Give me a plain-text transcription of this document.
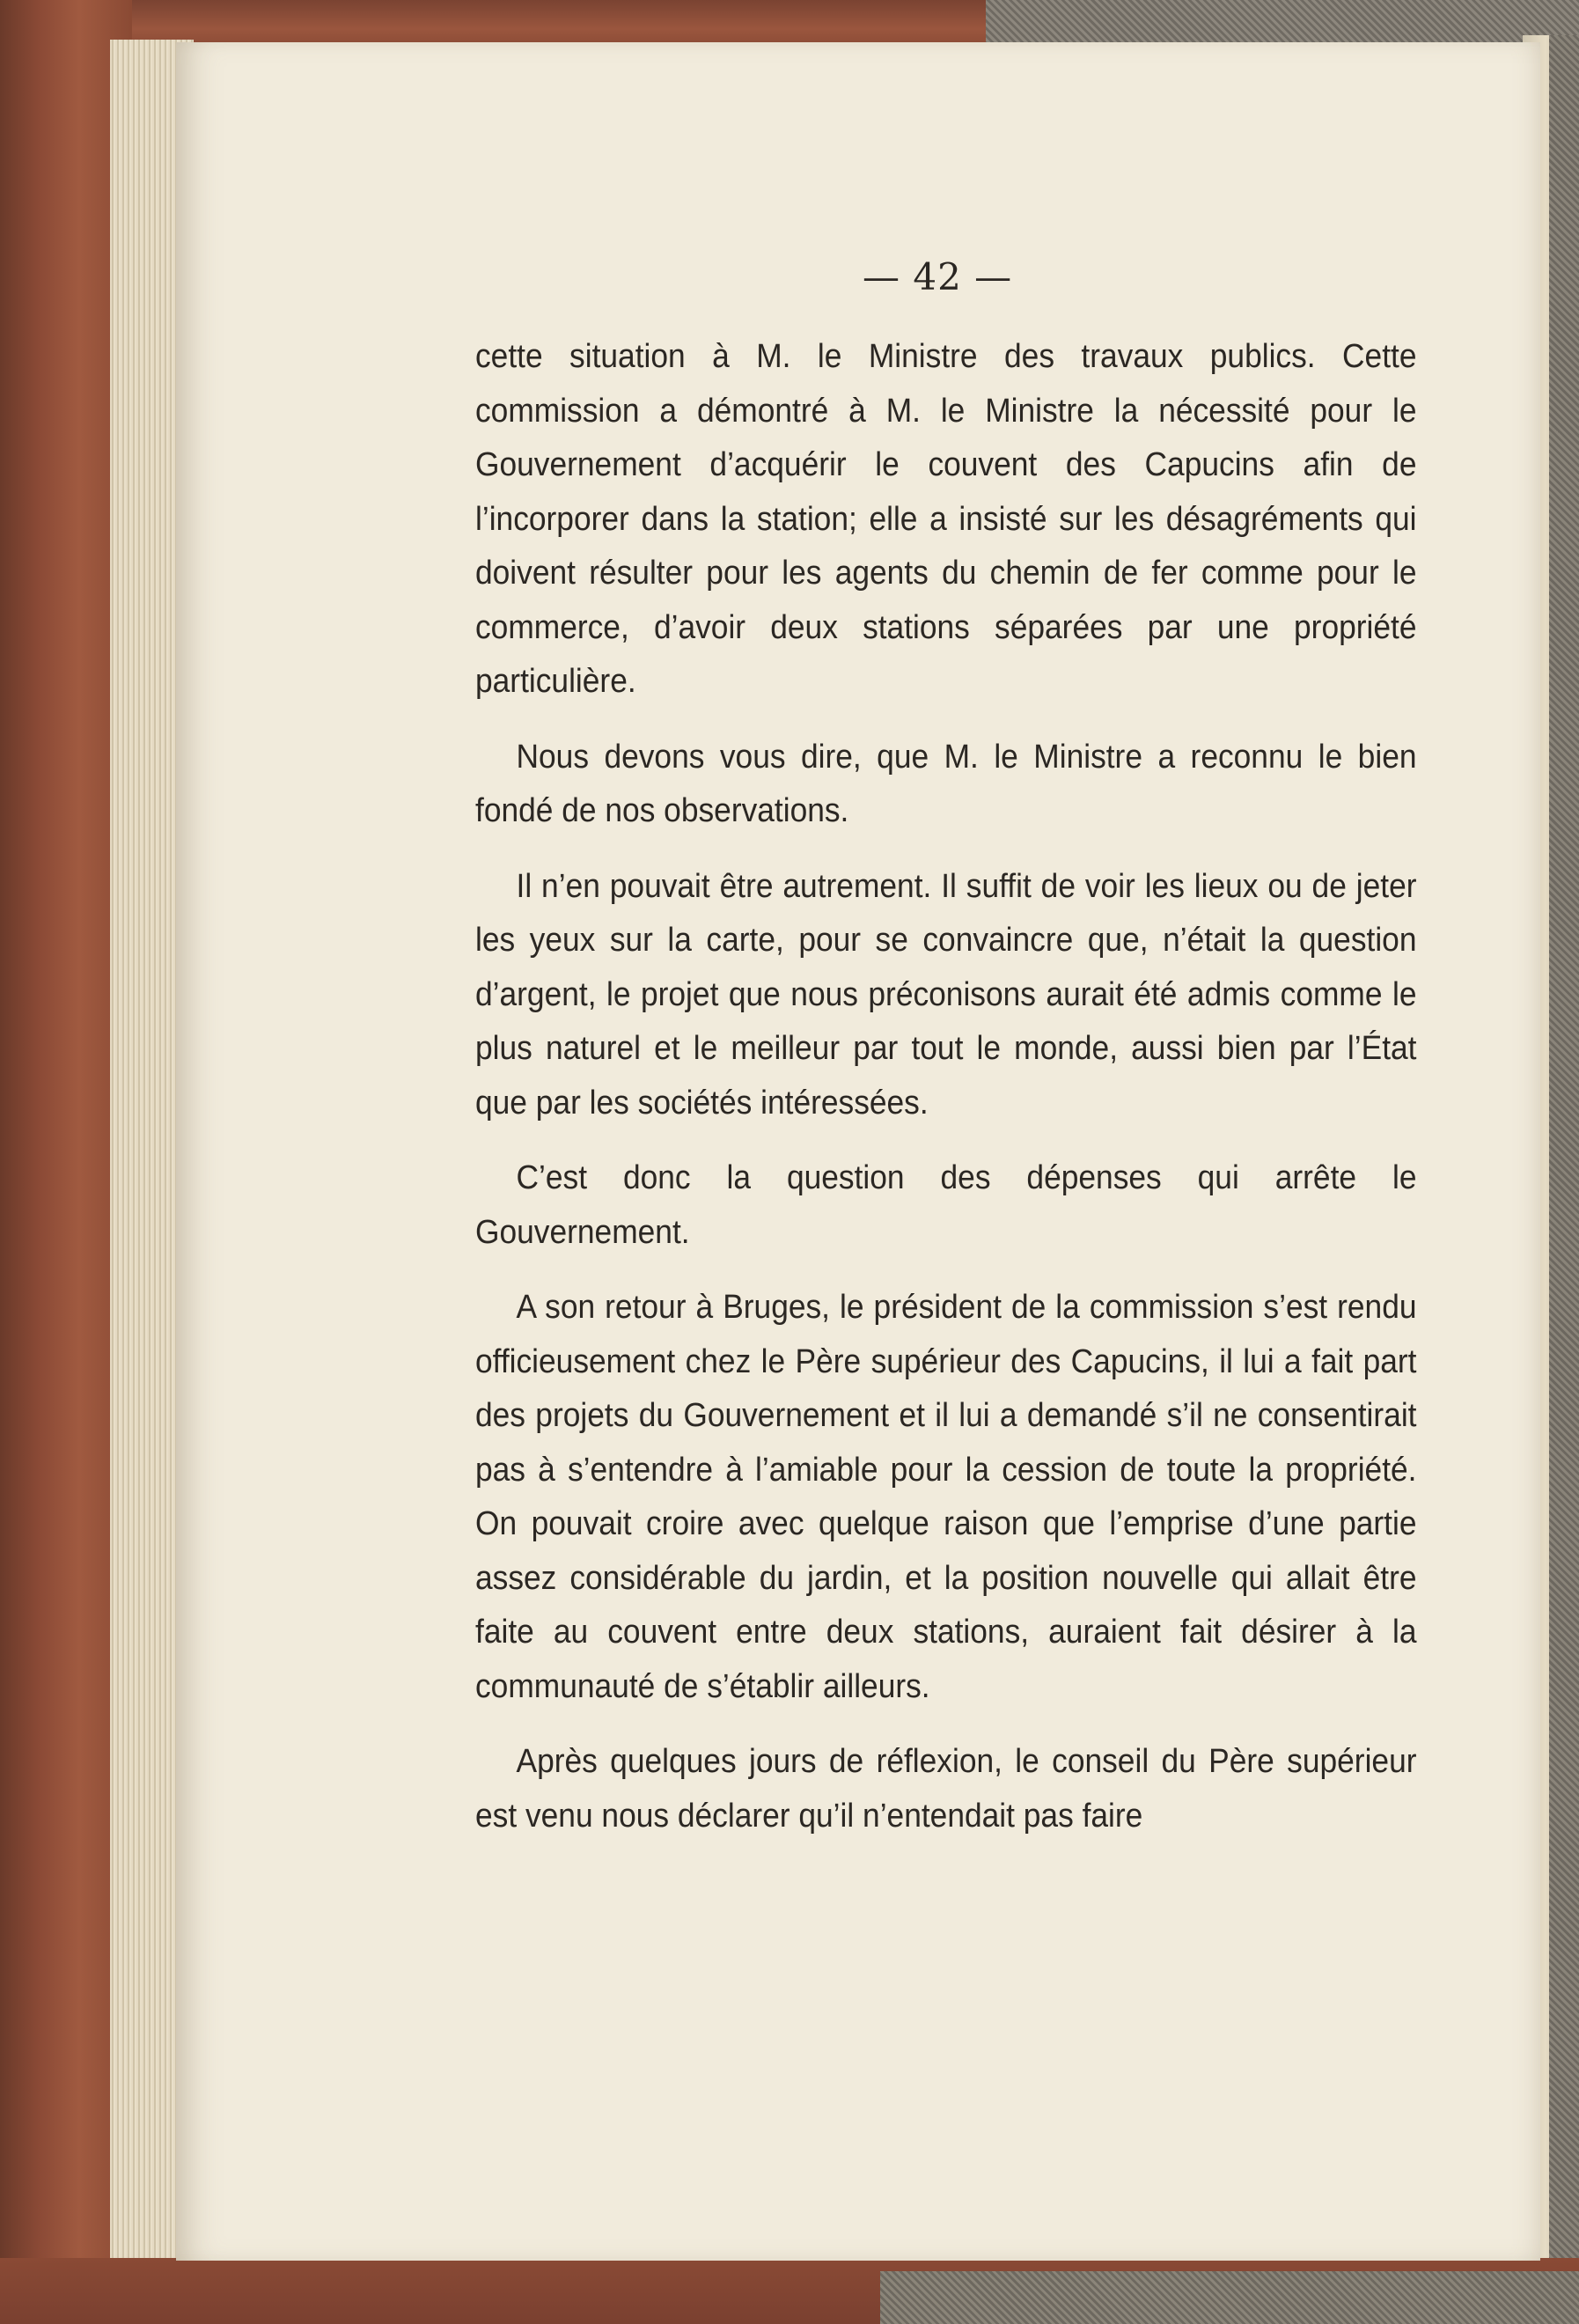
— 42 —

cette situation à M. le Ministre des travaux publics. Cette commission a démontré à M. le Ministre la nécessité pour le Gouvernement d’acquérir le couvent des Capucins afin de l’incorporer dans la station; elle a insisté sur les désagréments qui doivent résulter pour les agents du chemin de fer comme pour le commerce, d’avoir deux stations séparées par une propriété particulière.

Nous devons vous dire, que M. le Ministre a reconnu le bien fondé de nos observations.

Il n’en pouvait être autrement. Il suffit de voir les lieux ou de jeter les yeux sur la carte, pour se convaincre que, n’était la question d’argent, le projet que nous préconisons aurait été admis comme le plus naturel et le meilleur par tout le monde, aussi bien par l’État que par les sociétés intéressées.

C’est donc la question des dépenses qui arrête le Gouvernement.

A son retour à Bruges, le président de la commission s’est rendu officieusement chez le Père supérieur des Capucins, il lui a fait part des projets du Gouvernement et il lui a demandé s’il ne consentirait pas à s’entendre à l’amiable pour la cession de toute la propriété. On pouvait croire avec quelque raison que l’emprise d’une partie assez considérable du jardin, et la position nouvelle qui allait être faite au couvent entre deux stations, auraient fait désirer à la communauté de s’établir ailleurs.

Après quelques jours de réflexion, le conseil du Père supérieur est venu nous déclarer qu’il n’entendait pas faire
